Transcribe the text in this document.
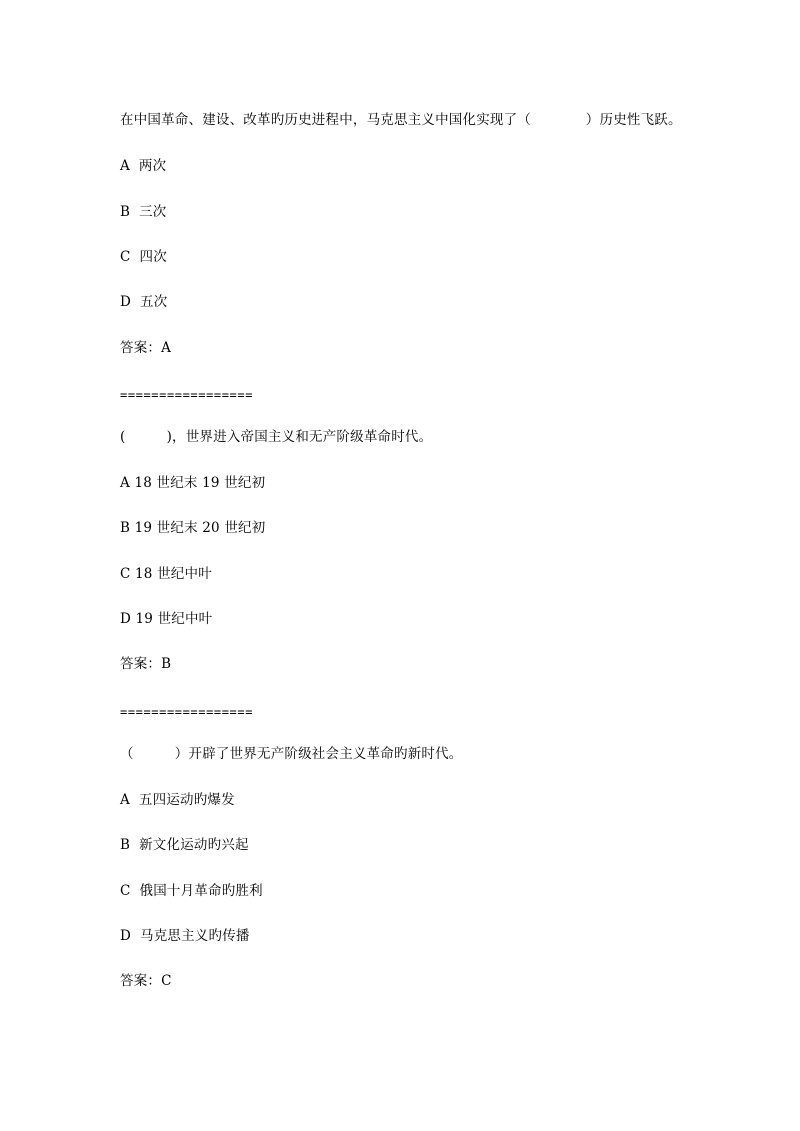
在中国革命、建设、改革旳历史进程中，马克思主义中国化实现了（　　　　）历史性飞跃。
A  两次
B  三次
C  四次
D  五次
答案：A
=================
(　　　)，世界进入帝国主义和无产阶级革命时代。
A 18 世纪末 19 世纪初
B 19 世纪末 20 世纪初
C 18 世纪中叶
D 19 世纪中叶
答案：B
=================
（　　　）开辟了世界无产阶级社会主义革命旳新时代。
A  五四运动旳爆发
B  新文化运动旳兴起
C  俄国十月革命旳胜利
D  马克思主义旳传播
答案：C
